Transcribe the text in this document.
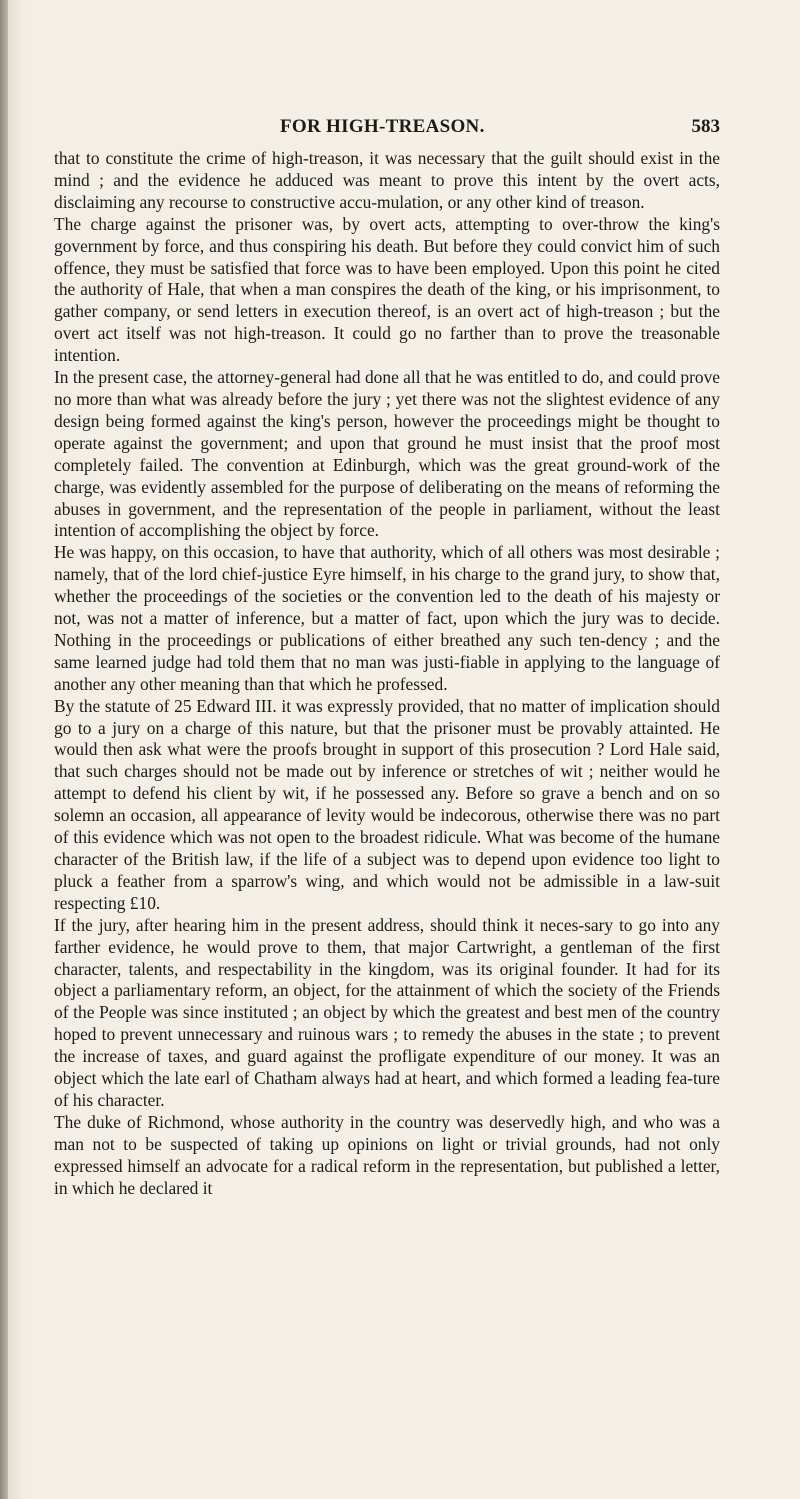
FOR HIGH-TREASON.	583

that to constitute the crime of high-treason, it was necessary that the guilt should exist in the mind ; and the evidence he adduced was meant to prove this intent by the overt acts, disclaiming any recourse to constructive accu-mulation, or any other kind of treason.

The charge against the prisoner was, by overt acts, attempting to over-throw the king's government by force, and thus conspiring his death. But before they could convict him of such offence, they must be satisfied that force was to have been employed. Upon this point he cited the authority of Hale, that when a man conspires the death of the king, or his imprisonment, to gather company, or send letters in execution thereof, is an overt act of high-treason ; but the overt act itself was not high-treason. It could go no farther than to prove the treasonable intention.

In the present case, the attorney-general had done all that he was entitled to do, and could prove no more than what was already before the jury ; yet there was not the slightest evidence of any design being formed against the king's person, however the proceedings might be thought to operate against the government; and upon that ground he must insist that the proof most completely failed. The convention at Edinburgh, which was the great ground-work of the charge, was evidently assembled for the purpose of deliberating on the means of reforming the abuses in government, and the representation of the people in parliament, without the least intention of accomplishing the object by force.

He was happy, on this occasion, to have that authority, which of all others was most desirable ; namely, that of the lord chief-justice Eyre himself, in his charge to the grand jury, to show that, whether the proceedings of the societies or the convention led to the death of his majesty or not, was not a matter of inference, but a matter of fact, upon which the jury was to decide. Nothing in the proceedings or publications of either breathed any such ten-dency ; and the same learned judge had told them that no man was justi-fiable in applying to the language of another any other meaning than that which he professed.

By the statute of 25 Edward III. it was expressly provided, that no matter of implication should go to a jury on a charge of this nature, but that the prisoner must be provably attainted. He would then ask what were the proofs brought in support of this prosecution ? Lord Hale said, that such charges should not be made out by inference or stretches of wit ; neither would he attempt to defend his client by wit, if he possessed any. Before so grave a bench and on so solemn an occasion, all appearance of levity would be indecorous, otherwise there was no part of this evidence which was not open to the broadest ridicule. What was become of the humane character of the British law, if the life of a subject was to depend upon evidence too light to pluck a feather from a sparrow's wing, and which would not be admissible in a law-suit respecting £10.

If the jury, after hearing him in the present address, should think it neces-sary to go into any farther evidence, he would prove to them, that major Cartwright, a gentleman of the first character, talents, and respectability in the kingdom, was its original founder. It had for its object a parliamentary reform, an object, for the attainment of which the society of the Friends of the People was since instituted ; an object by which the greatest and best men of the country hoped to prevent unnecessary and ruinous wars ; to remedy the abuses in the state ; to prevent the increase of taxes, and guard against the profligate expenditure of our money. It was an object which the late earl of Chatham always had at heart, and which formed a leading fea-ture of his character.

The duke of Richmond, whose authority in the country was deservedly high, and who was a man not to be suspected of taking up opinions on light or trivial grounds, had not only expressed himself an advocate for a radical reform in the representation, but published a letter, in which he declared it
